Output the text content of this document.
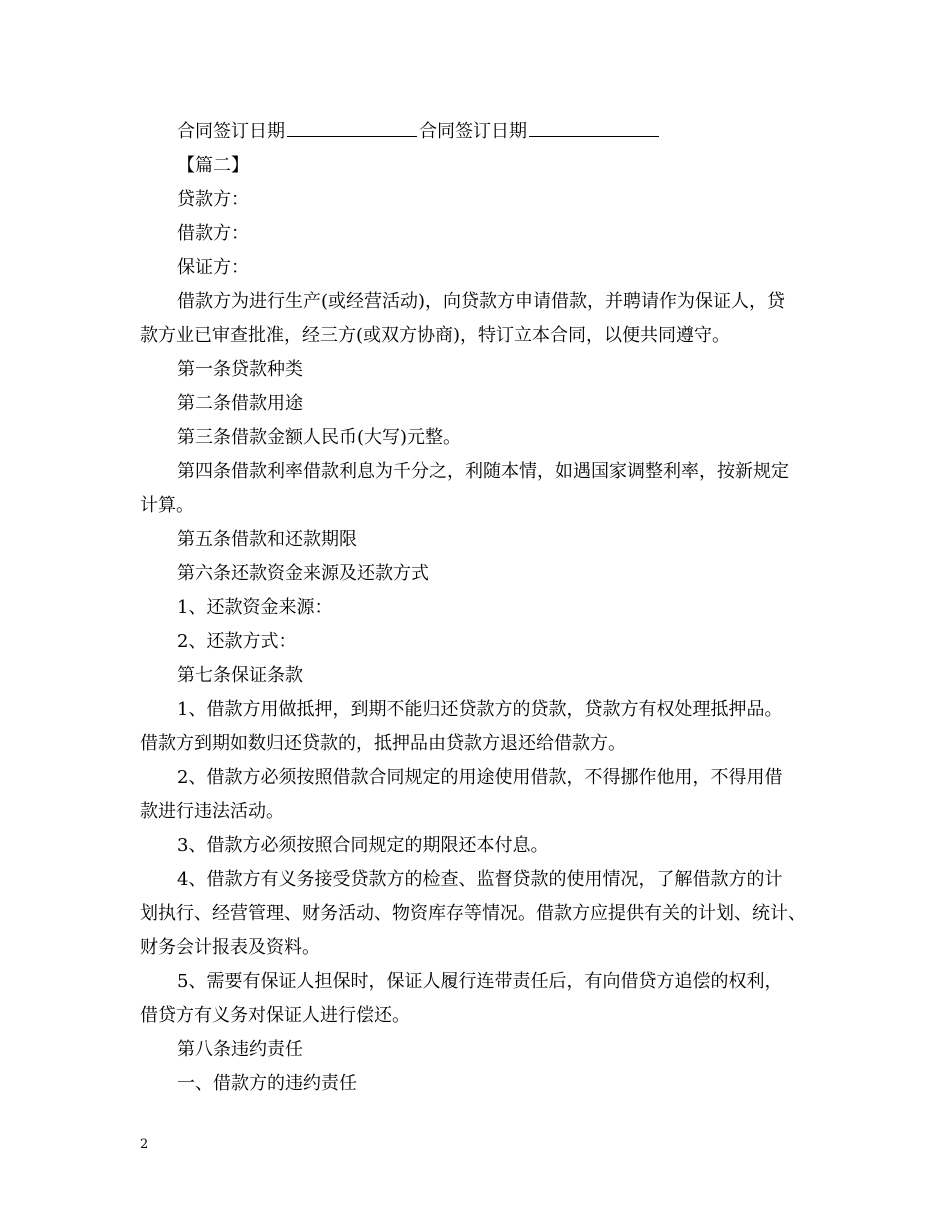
合同签订日期	合同签订日期
【篇二】
贷款方：
借款方：
保证方：
借款方为进行生产(或经营活动)，向贷款方申请借款，并聘请作为保证人，贷
款方业已审查批准，经三方(或双方协商)，特订立本合同，以便共同遵守。
第一条贷款种类
第二条借款用途
第三条借款金额人民币(大写)元整。
第四条借款利率借款利息为千分之，利随本情，如遇国家调整利率，按新规定
计算。
第五条借款和还款期限
第六条还款资金来源及还款方式
1、还款资金来源：
2、还款方式：
第七条保证条款
1、借款方用做抵押，到期不能归还贷款方的贷款，贷款方有权处理抵押品。
借款方到期如数归还贷款的，抵押品由贷款方退还给借款方。
2、借款方必须按照借款合同规定的用途使用借款，不得挪作他用，不得用借
款进行违法活动。
3、借款方必须按照合同规定的期限还本付息。
4、借款方有义务接受贷款方的检查、监督贷款的使用情况，了解借款方的计
划执行、经营管理、财务活动、物资库存等情况。借款方应提供有关的计划、统计、
财务会计报表及资料。
5、需要有保证人担保时，保证人履行连带责任后，有向借贷方追偿的权利，
借贷方有义务对保证人进行偿还。
第八条违约责任
一、借款方的违约责任
2
